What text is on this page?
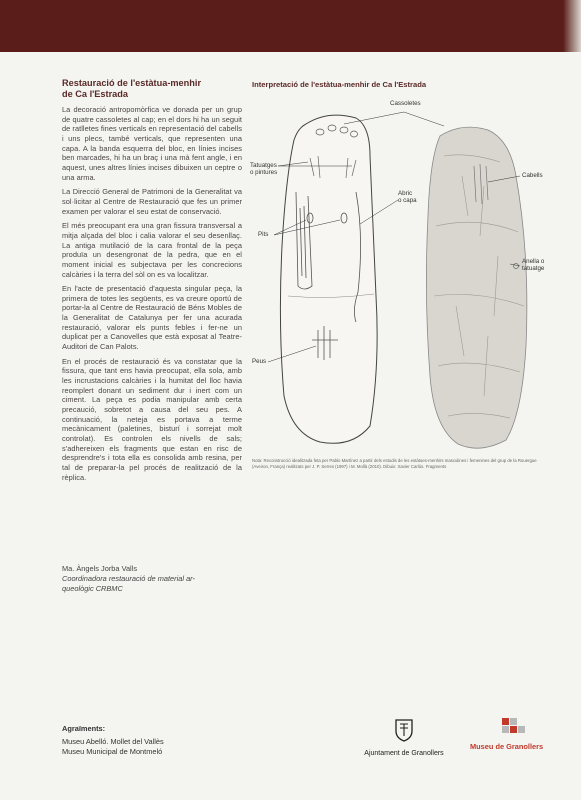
Restauració de l'estàtua-menhir
de Ca l'Estrada

La decoració antropomòrfica ve donada per un grup de quatre cassoletes al cap; en el dors hi ha un seguit de ratlletes fines verticals en representació del cabells i uns plecs, també verticals, que representen una capa. A la banda esquerra del bloc, en línies incises ben marcades, hi ha un braç i una mà fent angle, i en aquest, unes altres línies incises dibuixen un ceptre o una arma.

La Direcció General de Patrimoni de la Generalitat va sol·licitar al Centre de Restauració que fes un primer examen per valorar el seu estat de conservació.

El més preocupant era una gran fissura transversal a mitja alçada del bloc i calia valorar el seu desenllaç. La antiga mutilació de la cara frontal de la peça produïa un desengronat de la pedra, que en el moment inicial es subjectava per les concrecions calcàries i la terra del sòl on es va localitzar.

En l'acte de presentació d'aquesta singular peça, la primera de totes les següents, es va creure oportú de portar-la al Centre de Restauració de Béns Mobles de la Generalitat de Catalunya per fer una acurada restauració, valorar els punts febles i fer-ne un duplicat per a Canovelles que està exposat al Teatre-Auditori de Can Palots.

En el procés de restauració és va constatar que la fissura, que tant ens havia preocupat, ella sola, amb les incrustacions calcàries i la humitat del lloc havia reomplert donant un sediment dur i inert com un ciment. La peça es podia manipular amb certa precaució, sobretot a causa del seu pes. A continuació, la neteja es portava a terme mecànicament (paletines, bisturí i sorrejat molt controlat). Es controlen els nivells de sals; s'adhereixen els fragments que estan en risc de desprendre's i tota ella es consolida amb resina, per tal de preparar-la pel procés de realització de la rèplica.

Ma. Àngels Jorba Valls
Coordinadora restauració de material ar-
queològic CRBMC
Interpretació de l'estàtua-menhir de Ca l'Estrada
Cassoletes
Tatuatges
o pintures	Cabells
Abric
o capa
Pits
Anella o
tatuatge
Peus
Nota: Reconstrucció idealitzada feta per Pablo Martínez a partir dels estudis de les estàtues-menhirs masculines i femenines del grup de la Rouergue (Aveiron, França) realitzats per J. P. Serres (1997) i M. Mollà (2010). Dibuix: Xavier Carlús. Fragments
Agraïments:
Museu Abelló. Mollet del Vallès
Museu Municipal de Montmeló	Ajuntament de Granollers
Museu de Granollers
